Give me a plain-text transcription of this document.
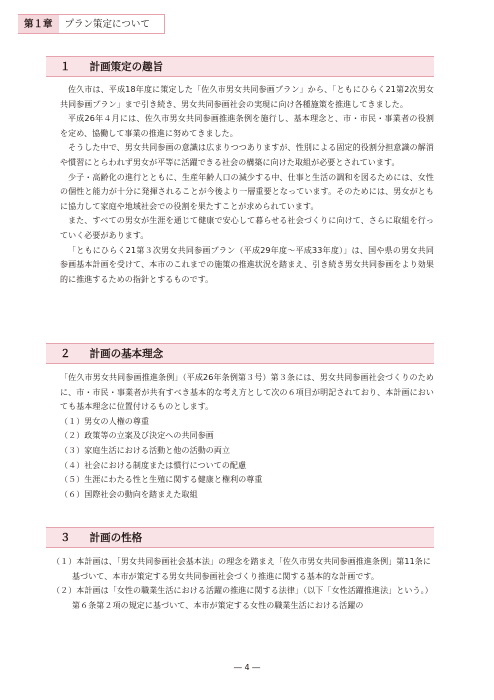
第１章	プラン策定について
１ 計画策定の趣旨

佐久市は、平成18年度に策定した「佐久市男女共同参画プラン」から、「ともにひらく21第2次男女共同参画プラン」まで引き続き、男女共同参画社会の実現に向け各種施策を推進してきました。

平成26年４月には、佐久市男女共同参画推進条例を施行し、基本理念と、市・市民・事業者の役割を定め、協働して事業の推進に努めてきました。

そうした中で、男女共同参画の意識は広まりつつありますが、性別による固定的役割分担意識の解消や慣習にとらわれず男女が平等に活躍できる社会の構築に向けた取組が必要とされています。

少子・高齢化の進行とともに、生産年齢人口の減少する中、仕事と生活の調和を図るためには、女性の個性と能力が十分に発揮されることが今後より一層重要となっています。そのためには、男女がともに協力して家庭や地域社会での役割を果たすことが求められています。

また、すべての男女が生涯を通じて健康で安心して暮らせる社会づくりに向けて、さらに取組を行っていく必要があります。

「ともにひらく21第３次男女共同参画プラン（平成29年度～平成33年度）」は、国や県の男女共同参画基本計画を受けて、本市のこれまでの施策の推進状況を踏まえ、引き続き男女共同参画をより効果的に推進するための指針とするものです。

２ 計画の基本理念

「佐久市男女共同参画推進条例」（平成26年条例第３号）第３条には、男女共同参画社会づくりのために、市・市民・事業者が共有すべき基本的な考え方として次の６項目が明記されており、本計画においても基本理念に位置付けるものとします。

（１）男女の人権の尊重
（２）政策等の立案及び決定への共同参画
（３）家庭生活における活動と他の活動の両立
（４）社会における制度または慣行についての配慮
（５）生涯にわたる性と生殖に関する健康と権利の尊重
（６）国際社会の動向を踏まえた取組
３ 計画の性格
（１）本計画は、「男女共同参画社会基本法」の理念を踏まえ「佐久市男女共同参画推進条例」第11条に基づいて、本市が策定する男女共同参画社会づくり推進に関する基本的な計画です。
（２）本計画は「女性の職業生活における活躍の推進に関する法律」（以下「女性活躍推進法」という。）第６条第２項の規定に基づいて、本市が策定する女性の職業生活における活躍の
― 4 ―
